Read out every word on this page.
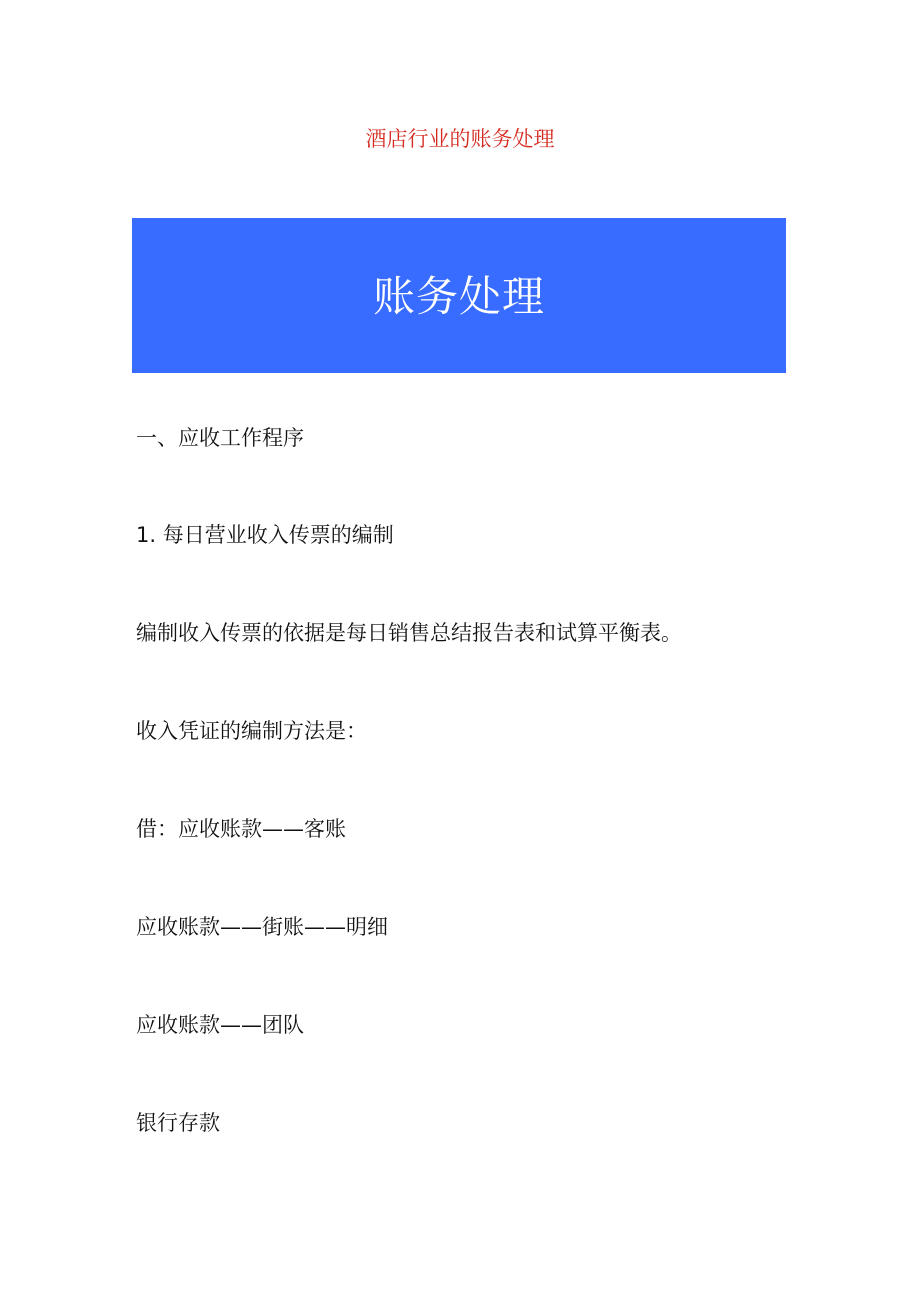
酒店行业的账务处理
账务处理

一、应收工作程序

1. 每日营业收入传票的编制

编制收入传票的依据是每日销售总结报告表和试算平衡表。

收入凭证的编制方法是：

借：应收账款——客账

应收账款——街账——明细

应收账款——团队

银行存款
